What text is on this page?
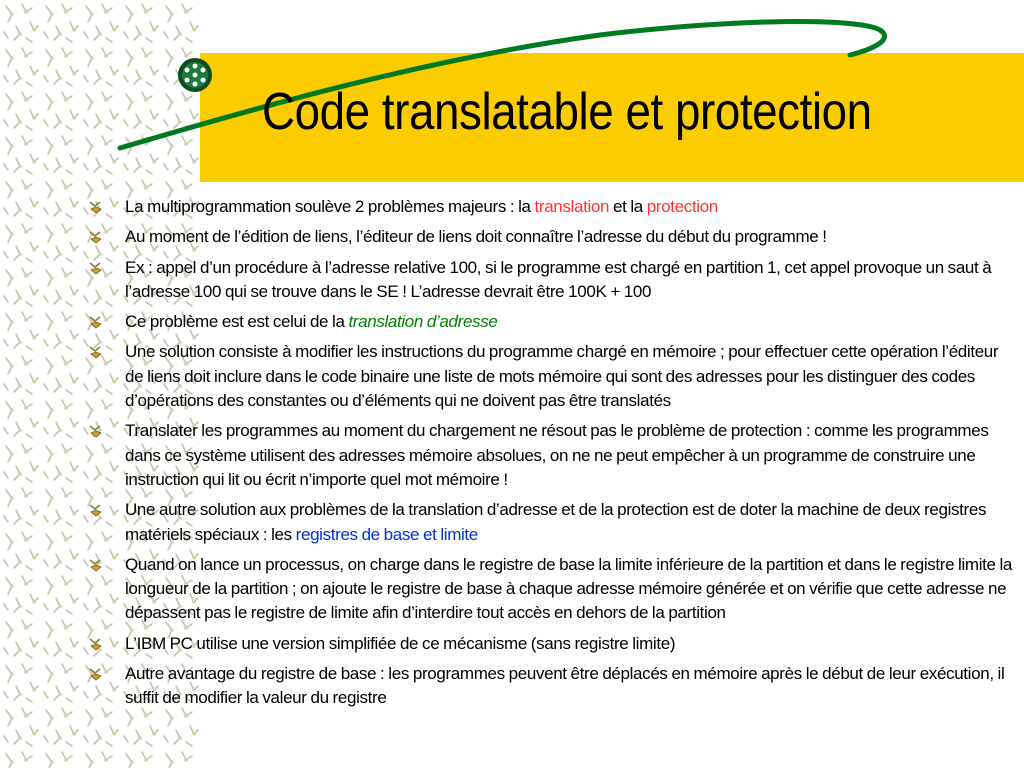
Code translatable et protection
La multiprogrammation soulève 2 problèmes majeurs : la translation et la protection
Au moment de l’édition de liens, l’éditeur de liens doit connaître l’adresse du début du programme !
Ex : appel d’un procédure à l’adresse relative 100, si le programme est chargé en partition 1, cet appel provoque un saut à l’adresse 100 qui se trouve dans le SE ! L’adresse devrait être 100K + 100
Ce problème est est celui de la translation d’adresse
Une solution consiste à modifier les instructions du programme chargé en mémoire ; pour effectuer cette opération l’éditeur de liens doit inclure dans le code binaire une liste de mots mémoire qui sont des adresses pour les distinguer des codes d’opérations des constantes ou d’éléments qui ne doivent pas être translatés
Translater les programmes au moment du chargement ne résout pas le problème de protection : comme les programmes dans ce système utilisent des adresses mémoire absolues, on ne ne peut empêcher à un programme de construire une instruction qui lit ou écrit n’importe quel mot mémoire !
Une autre solution aux problèmes de la translation d’adresse et de la protection est de doter la machine de deux registres matériels spéciaux : les registres de base et limite
Quand on lance un processus, on charge dans le registre de base la limite inférieure de la partition et dans le registre limite la longueur de la partition ; on ajoute le registre de base à chaque adresse mémoire générée et on vérifie que cette adresse ne dépassent pas le registre de limite afin d’interdire tout accès en dehors de la partition
L’IBM PC utilise une version simplifiée de ce mécanisme (sans registre limite)
Autre avantage du registre de base : les programmes peuvent être déplacés en mémoire après le début de leur exécution, il suffit de modifier la valeur du registre
